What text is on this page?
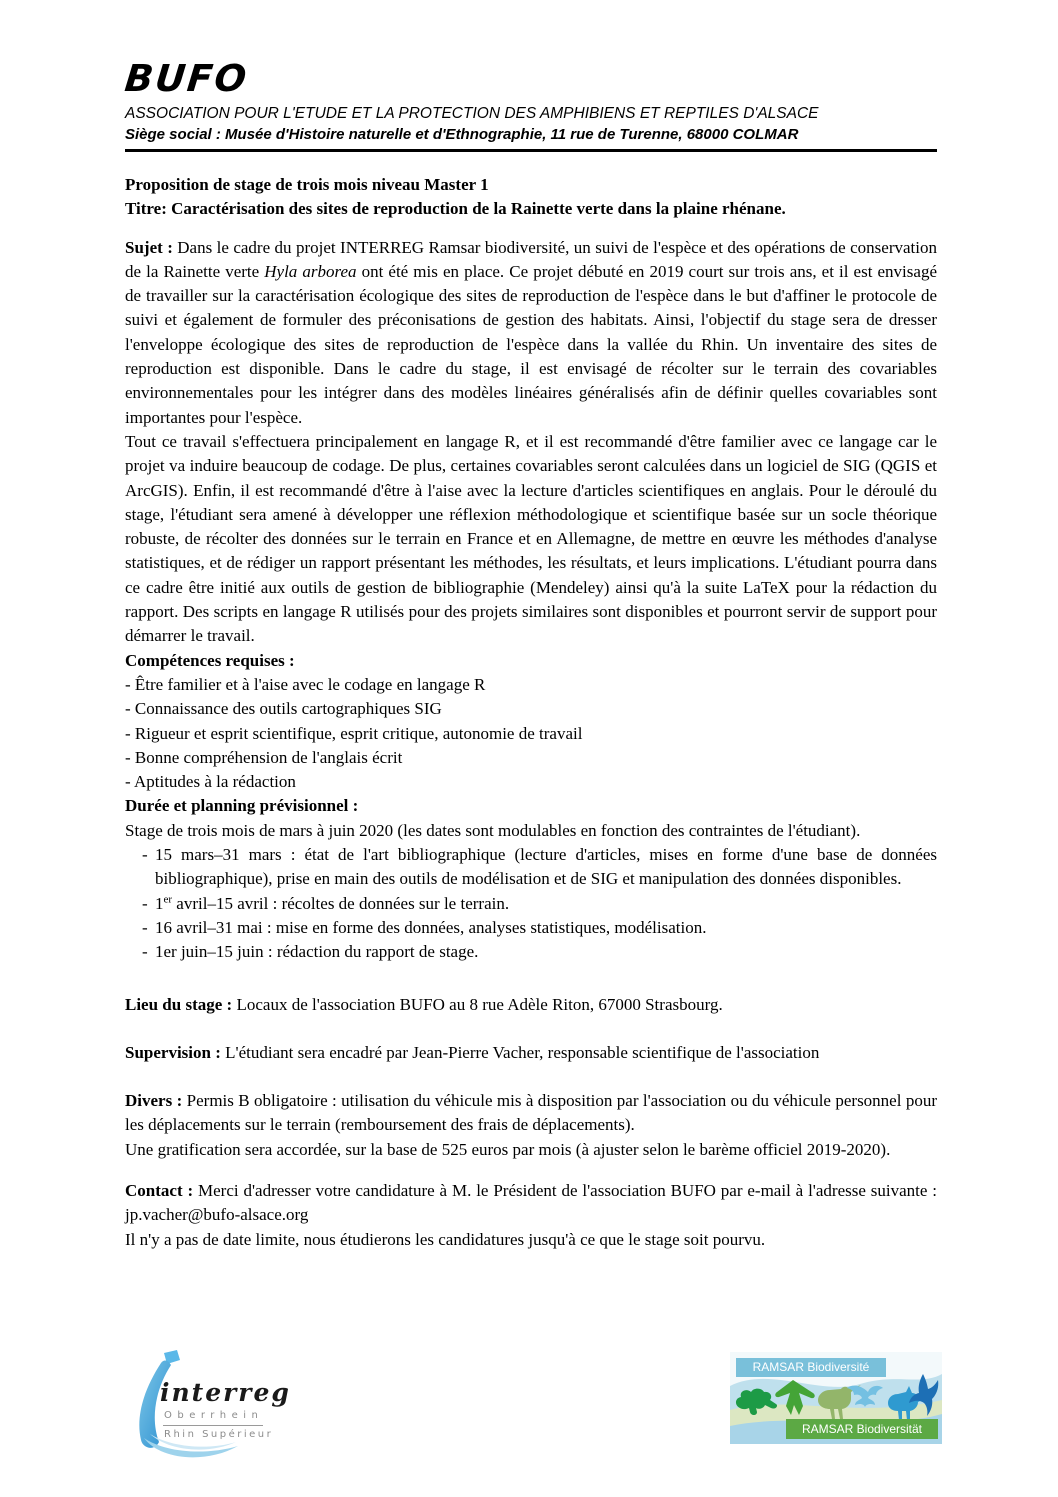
BUFO
ASSOCIATION POUR L'ETUDE ET LA PROTECTION DES AMPHIBIENS ET REPTILES D'ALSACE
Siège social : Musée d'Histoire naturelle et d'Ethnographie, 11 rue de Turenne, 68000 COLMAR
Proposition de stage de trois mois niveau Master 1
Titre: Caractérisation des sites de reproduction de la Rainette verte dans la plaine rhénane.

Sujet : Dans le cadre du projet INTERREG Ramsar biodiversité, un suivi de l'espèce et des opérations de conservation de la Rainette verte Hyla arborea ont été mis en place. Ce projet débuté en 2019 court sur trois ans, et il est envisagé de travailler sur la caractérisation écologique des sites de reproduction de l'espèce dans le but d'affiner le protocole de suivi et également de formuler des préconisations de gestion des habitats. Ainsi, l'objectif du stage sera de dresser l'enveloppe écologique des sites de reproduction de l'espèce dans la vallée du Rhin. Un inventaire des sites de reproduction est disponible. Dans le cadre du stage, il est envisagé de récolter sur le terrain des covariables environnementales pour les intégrer dans des modèles linéaires généralisés afin de définir quelles covariables sont importantes pour l'espèce.

Tout ce travail s'effectuera principalement en langage R, et il est recommandé d'être familier avec ce langage car le projet va induire beaucoup de codage. De plus, certaines covariables seront calculées dans un logiciel de SIG (QGIS et ArcGIS). Enfin, il est recommandé d'être à l'aise avec la lecture d'articles scientifiques en anglais. Pour le déroulé du stage, l'étudiant sera amené à développer une réflexion méthodologique et scientifique basée sur un socle théorique robuste, de récolter des données sur le terrain en France et en Allemagne, de mettre en œuvre les méthodes d'analyse statistiques, et de rédiger un rapport présentant les méthodes, les résultats, et leurs implications. L'étudiant pourra dans ce cadre être initié aux outils de gestion de bibliographie (Mendeley) ainsi qu'à la suite LaTeX pour la rédaction du rapport. Des scripts en langage R utilisés pour des projets similaires sont disponibles et pourront servir de support pour démarrer le travail.

Compétences requises :

- Être familier et à l'aise avec le codage en langage R
- Connaissance des outils cartographiques SIG
- Rigueur et esprit scientifique, esprit critique, autonomie de travail
- Bonne compréhension de l'anglais écrit
- Aptitudes à la rédaction

Durée et planning prévisionnel :

Stage de trois mois de mars à juin 2020 (les dates sont modulables en fonction des contraintes de l'étudiant).

- 15 mars–31 mars : état de l'art bibliographique (lecture d'articles, mises en forme d'une base de données bibliographique), prise en main des outils de modélisation et de SIG et manipulation des données disponibles.
- 1er avril–15 avril : récoltes de données sur le terrain.
- 16 avril–31 mai : mise en forme des données, analyses statistiques, modélisation.
- 1er juin–15 juin : rédaction du rapport de stage.

Lieu du stage : Locaux de l'association BUFO au 8 rue Adèle Riton, 67000 Strasbourg.

Supervision : L'étudiant sera encadré par Jean-Pierre Vacher, responsable scientifique de l'association

Divers : Permis B obligatoire : utilisation du véhicule mis à disposition par l'association ou du véhicule personnel pour les déplacements sur le terrain (remboursement des frais de déplacements).

Une gratification sera accordée, sur la base de 525 euros par mois (à ajuster selon le barème officiel 2019-2020).

Contact : Merci d'adresser votre candidature à M. le Président de l'association BUFO par e-mail à l'adresse suivante : jp.vacher@bufo-alsace.org

Il n'y a pas de date limite, nous étudierons les candidatures jusqu'à ce que le stage soit pourvu.

interreg
Oberrhein
Rhin Supérieur
RAMSAR Biodiversité
RAMSAR Biodiversität
